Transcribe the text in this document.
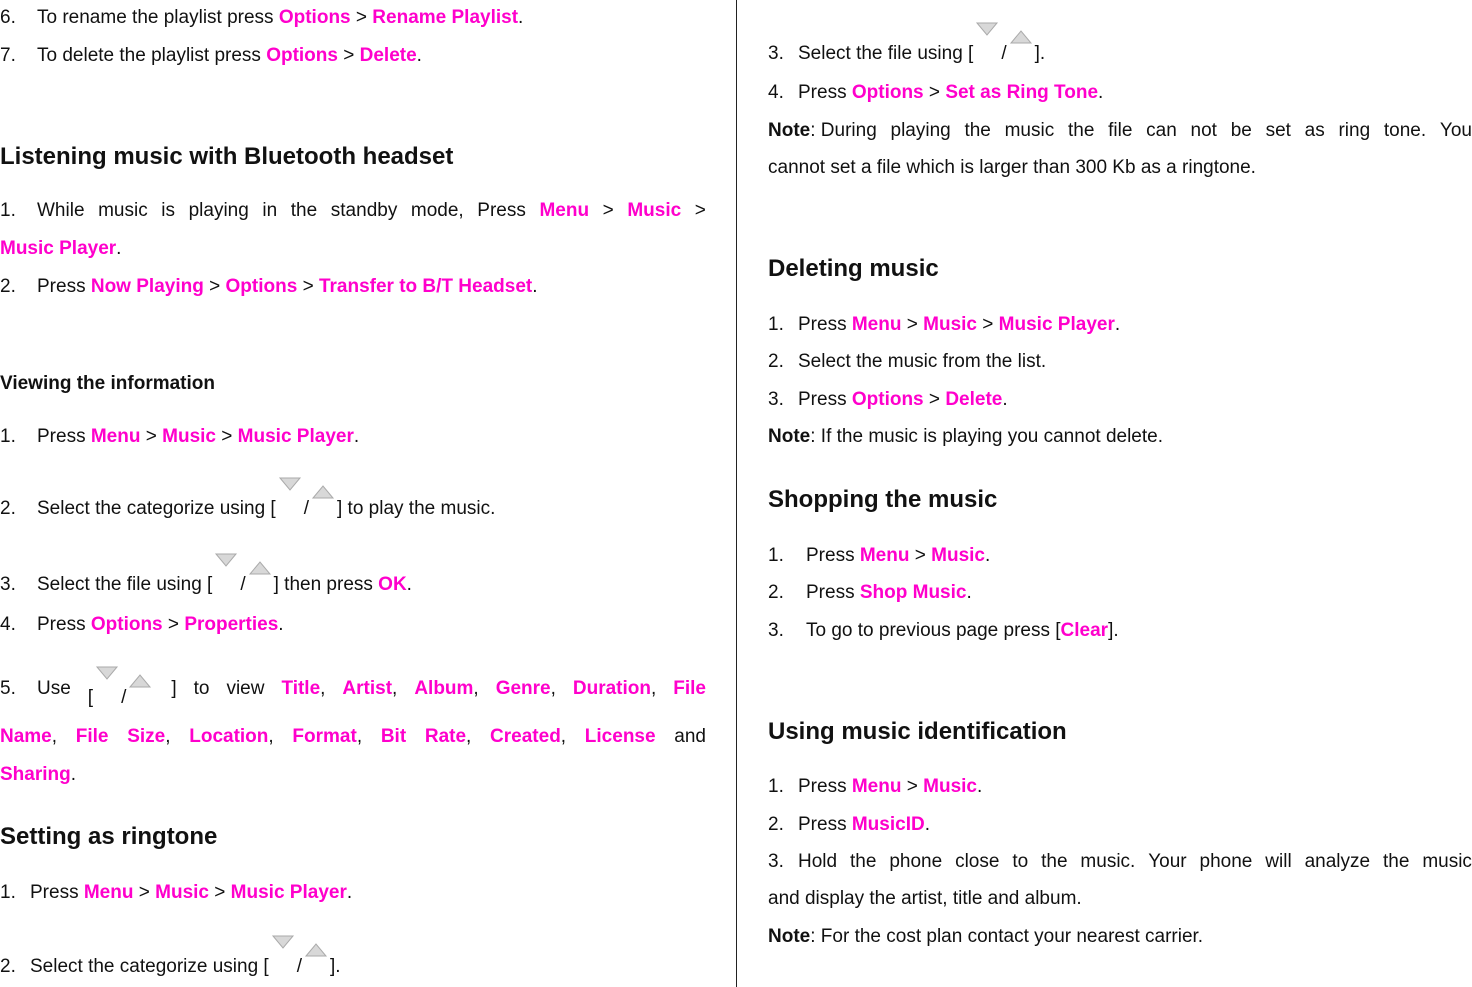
6. To rename the playlist press Options > Rename Playlist.
7. To delete the playlist press Options > Delete.
Listening music with Bluetooth headset
1. While music is playing in the standby mode, Press Menu > Music >
Music Player.
2. Press Now Playing > Options > Transfer to B/T Headset.
Viewing the information
1. Press Menu > Music > Music Player.
2. Select the categorize using [ / ] to play the music.
3. Select the file using [ / ] then press OK.
4. Press Options > Properties.
5. Use [ /	] to view Title, Artist, Album, Genre, Duration, File
Name, File Size, Location, Format, Bit Rate, Created, License and
Sharing.
Setting as ringtone
1. Press Menu > Music > Music Player.
2. Select the categorize using [ / ].
3. Select the file using [ / ].
4. Press Options > Set as Ring Tone.
Note: During playing the music the file can not be set as ring tone. You
cannot set a file which is larger than 300 Kb as a ringtone.
Deleting music
1. Press Menu > Music > Music Player.
2. Select the music from the list.
3. Press Options > Delete.
Note: If the music is playing you cannot delete.
Shopping the music
1. Press Menu > Music.
2. Press Shop Music.
3. To go to previous page press [Clear].
Using music identification
1. Press Menu > Music.
2. Press MusicID.
3. Hold the phone close to the music. Your phone will analyze the music
and display the artist, title and album.
Note: For the cost plan contact your nearest carrier.
